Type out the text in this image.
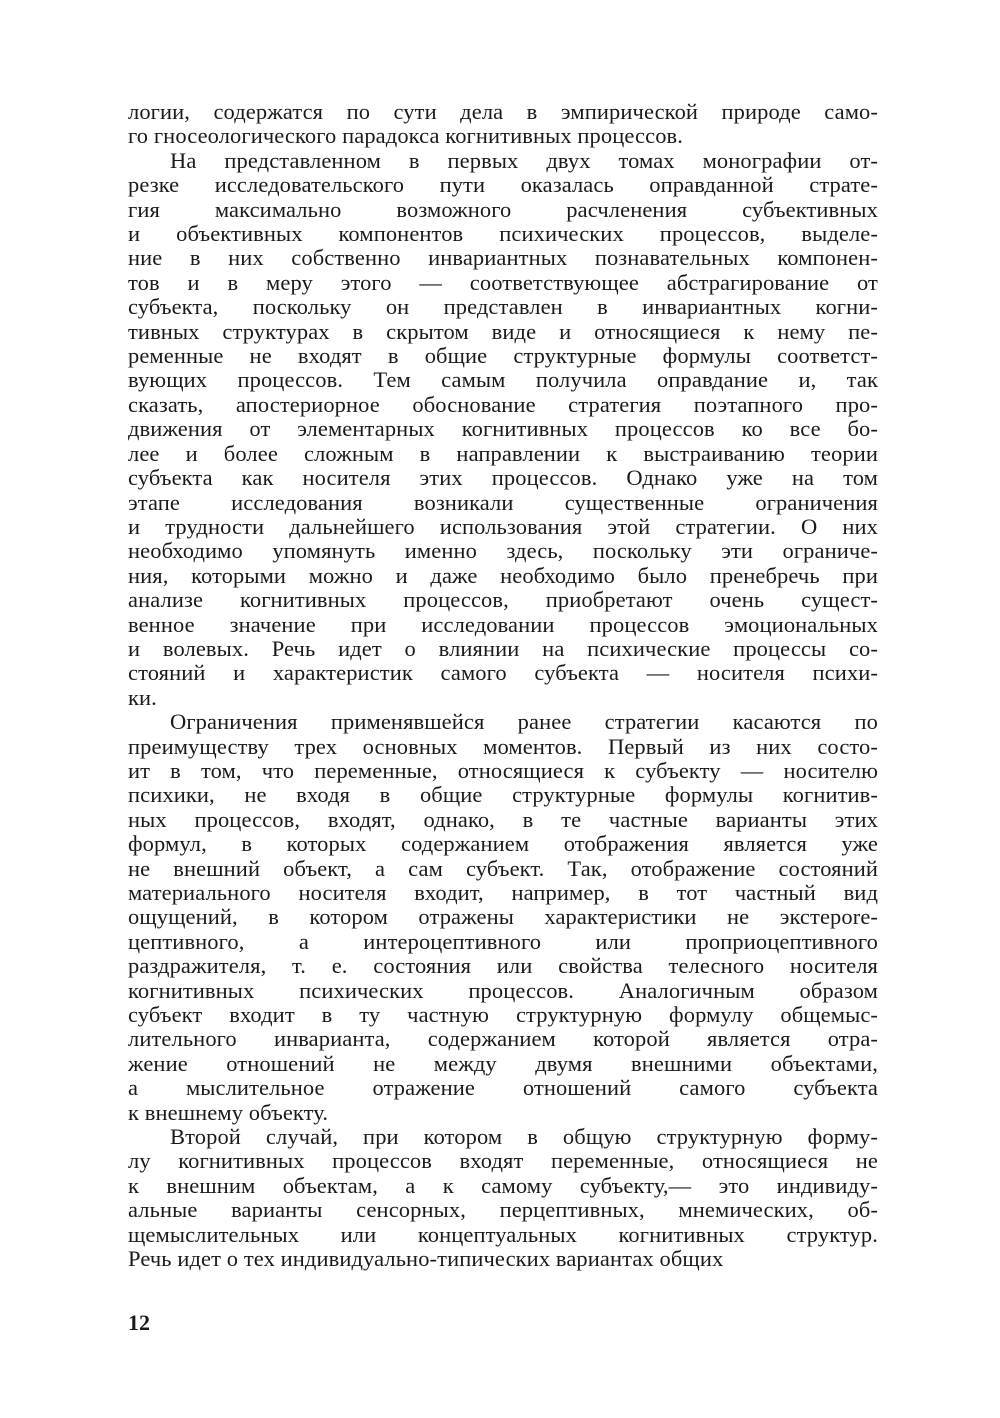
логии, содержатся по сути дела в эмпирической природе само-
го гносеологического парадокса когнитивных процессов.
На представленном в первых двух томах монографии от-
резке исследовательского пути оказалась оправданной страте-
гия максимально возможного расчленения субъективных
и объективных компонентов психических процессов, выделе-
ние в них собственно инвариантных познавательных компонен-
тов и в меру этого — соответствующее абстрагирование от
субъекта, поскольку он представлен в инвариантных когни-
тивных структурах в скрытом виде и относящиеся к нему пе-
ременные не входят в общие структурные формулы соответст-
вующих процессов. Тем самым получила оправдание и, так
сказать, апостериорное обоснование стратегия поэтапного про-
движения от элементарных когнитивных процессов ко все бо-
лее и более сложным в направлении к выстраиванию теории
субъекта как носителя этих процессов. Однако уже на том
этапе исследования возникали существенные ограничения
и трудности дальнейшего использования этой стратегии. О них
необходимо упомянуть именно здесь, поскольку эти ограниче-
ния, которыми можно и даже необходимо было пренебречь при
анализе когнитивных процессов, приобретают очень сущест-
венное значение при исследовании процессов эмоциональных
и волевых. Речь идет о влиянии на психические процессы со-
стояний и характеристик самого субъекта — носителя психи-
ки.
Ограничения применявшейся ранее стратегии касаются по
преимуществу трех основных моментов. Первый из них состо-
ит в том, что переменные, относящиеся к субъекту — носителю
психики, не входя в общие структурные формулы когнитив-
ных процессов, входят, однако, в те частные варианты этих
формул, в которых содержанием отображения является уже
не внешний объект, а сам субъект. Так, отображение состояний
материального носителя входит, например, в тот частный вид
ощущений, в котором отражены характеристики не экстерore-
цептивного, а интероцептивного или проприоцептивного
раздражителя, т. е. состояния или свойства телесного носителя
когнитивных психических процессов. Аналогичным образом
субъект входит в ту частную структурную формулу общемыс-
лительного инварианта, содержанием которой является отра-
жение отношений не между двумя внешними объектами,
а мыслительное отражение отношений самого субъекта
к внешнему объекту.
Второй случай, при котором в общую структурную форму-
лу когнитивных процессов входят переменные, относящиеся не
к внешним объектам, а к самому субъекту,— это индивиду-
альные варианты сенсорных, перцептивных, мнемических, об-
щемыслительных или концептуальных когнитивных структур.
Речь идет о тех индивидуально-типических вариантах общих
12
